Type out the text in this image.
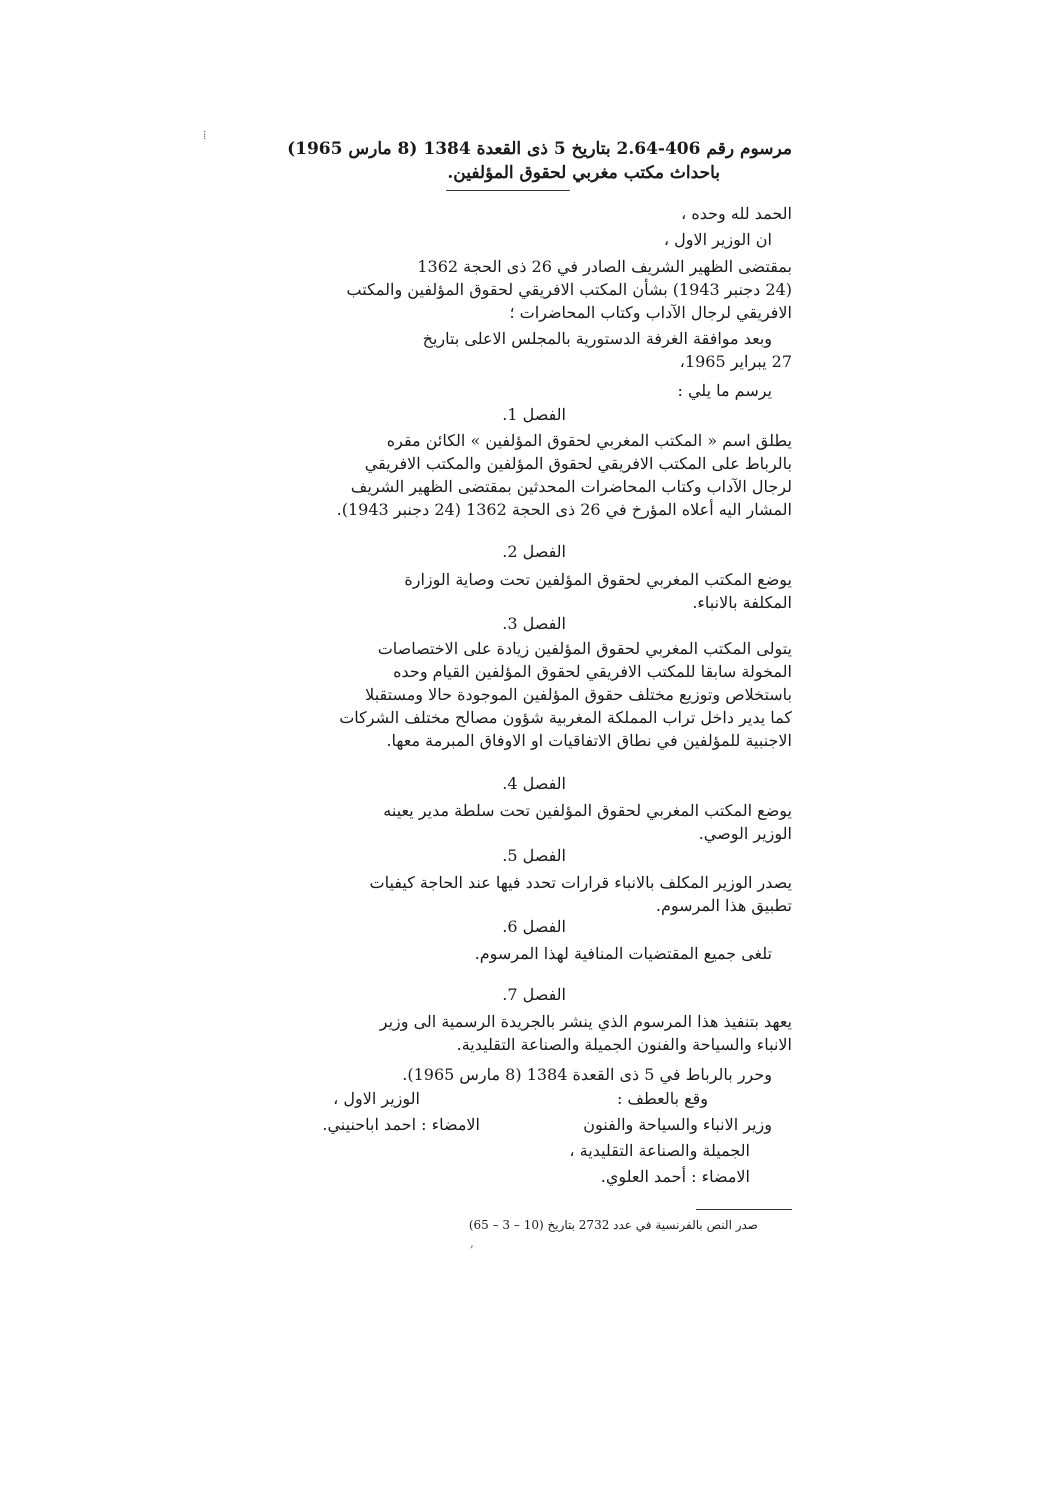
⁞
مرسوم رقم 406-2.64 بتاريخ 5 ذى القعدة 1384 (8 مارس 1965)
باحداث مكتب مغربي لحقوق المؤلفين.
الحمد لله وحده ،
ان الوزير الاول ،
بمقتضى الظهير الشريف الصادر في 26 ذى الحجة 1362
(24 دجنبر 1943) بشأن المكتب الافريقي لحقوق المؤلفين والمكتب
الافريقي لرجال الآداب وكتاب المحاضرات ؛
وبعد موافقة الغرفة الدستورية بالمجلس الاعلى بتاريخ
27 يبراير 1965،
يرسم ما يلي :
الفصل 1.
يطلق اسم « المكتب المغربي لحقوق المؤلفين » الكائن مقره
بالرباط على المكتب الافريقي لحقوق المؤلفين والمكتب الافريقي
لرجال الآداب وكتاب المحاضرات المحدثين بمقتضى الظهير الشريف
المشار اليه أعلاه المؤرخ في 26 ذى الحجة 1362 (24 دجنبر 1943).
الفصل 2.
يوضع المكتب المغربي لحقوق المؤلفين تحت وصاية الوزارة
المكلفة بالانباء.
الفصل 3.
يتولى المكتب المغربي لحقوق المؤلفين زيادة على الاختصاصات
المخولة سابقا للمكتب الافريقي لحقوق المؤلفين القيام وحده
باستخلاص وتوزيع مختلف حقوق المؤلفين الموجودة حالا ومستقبلا
كما يدير داخل تراب المملكة المغربية شؤون مصالح مختلف الشركات
الاجنبية للمؤلفين في نطاق الاتفاقيات او الاوفاق المبرمة معها.
الفصل 4.
يوضع المكتب المغربي لحقوق المؤلفين تحت سلطة مدير يعينه
الوزير الوصي.
الفصل 5.
يصدر الوزير المكلف بالانباء قرارات تحدد فيها عند الحاجة كيفيات
تطبيق هذا المرسوم.
الفصل 6.
تلغى جميع المقتضيات المنافية لهذا المرسوم.
الفصل 7.
يعهد بتنفيذ هذا المرسوم الذي ينشر بالجريدة الرسمية الى وزير
الانباء والسياحة والفنون الجميلة والصناعة التقليدية.
وحرر بالرباط في 5 ذى القعدة 1384 (8 مارس 1965).
وقع بالعطف :
الوزير الاول ،
وزير الانباء والسياحة والفنون
الامضاء : احمد اباحنيني.
الجميلة والصناعة التقليدية ،
الامضاء : أحمد العلوي.
صدر النص بالفرنسية في عدد 2732 بتاريخ (10 – 3 – 65)
,
